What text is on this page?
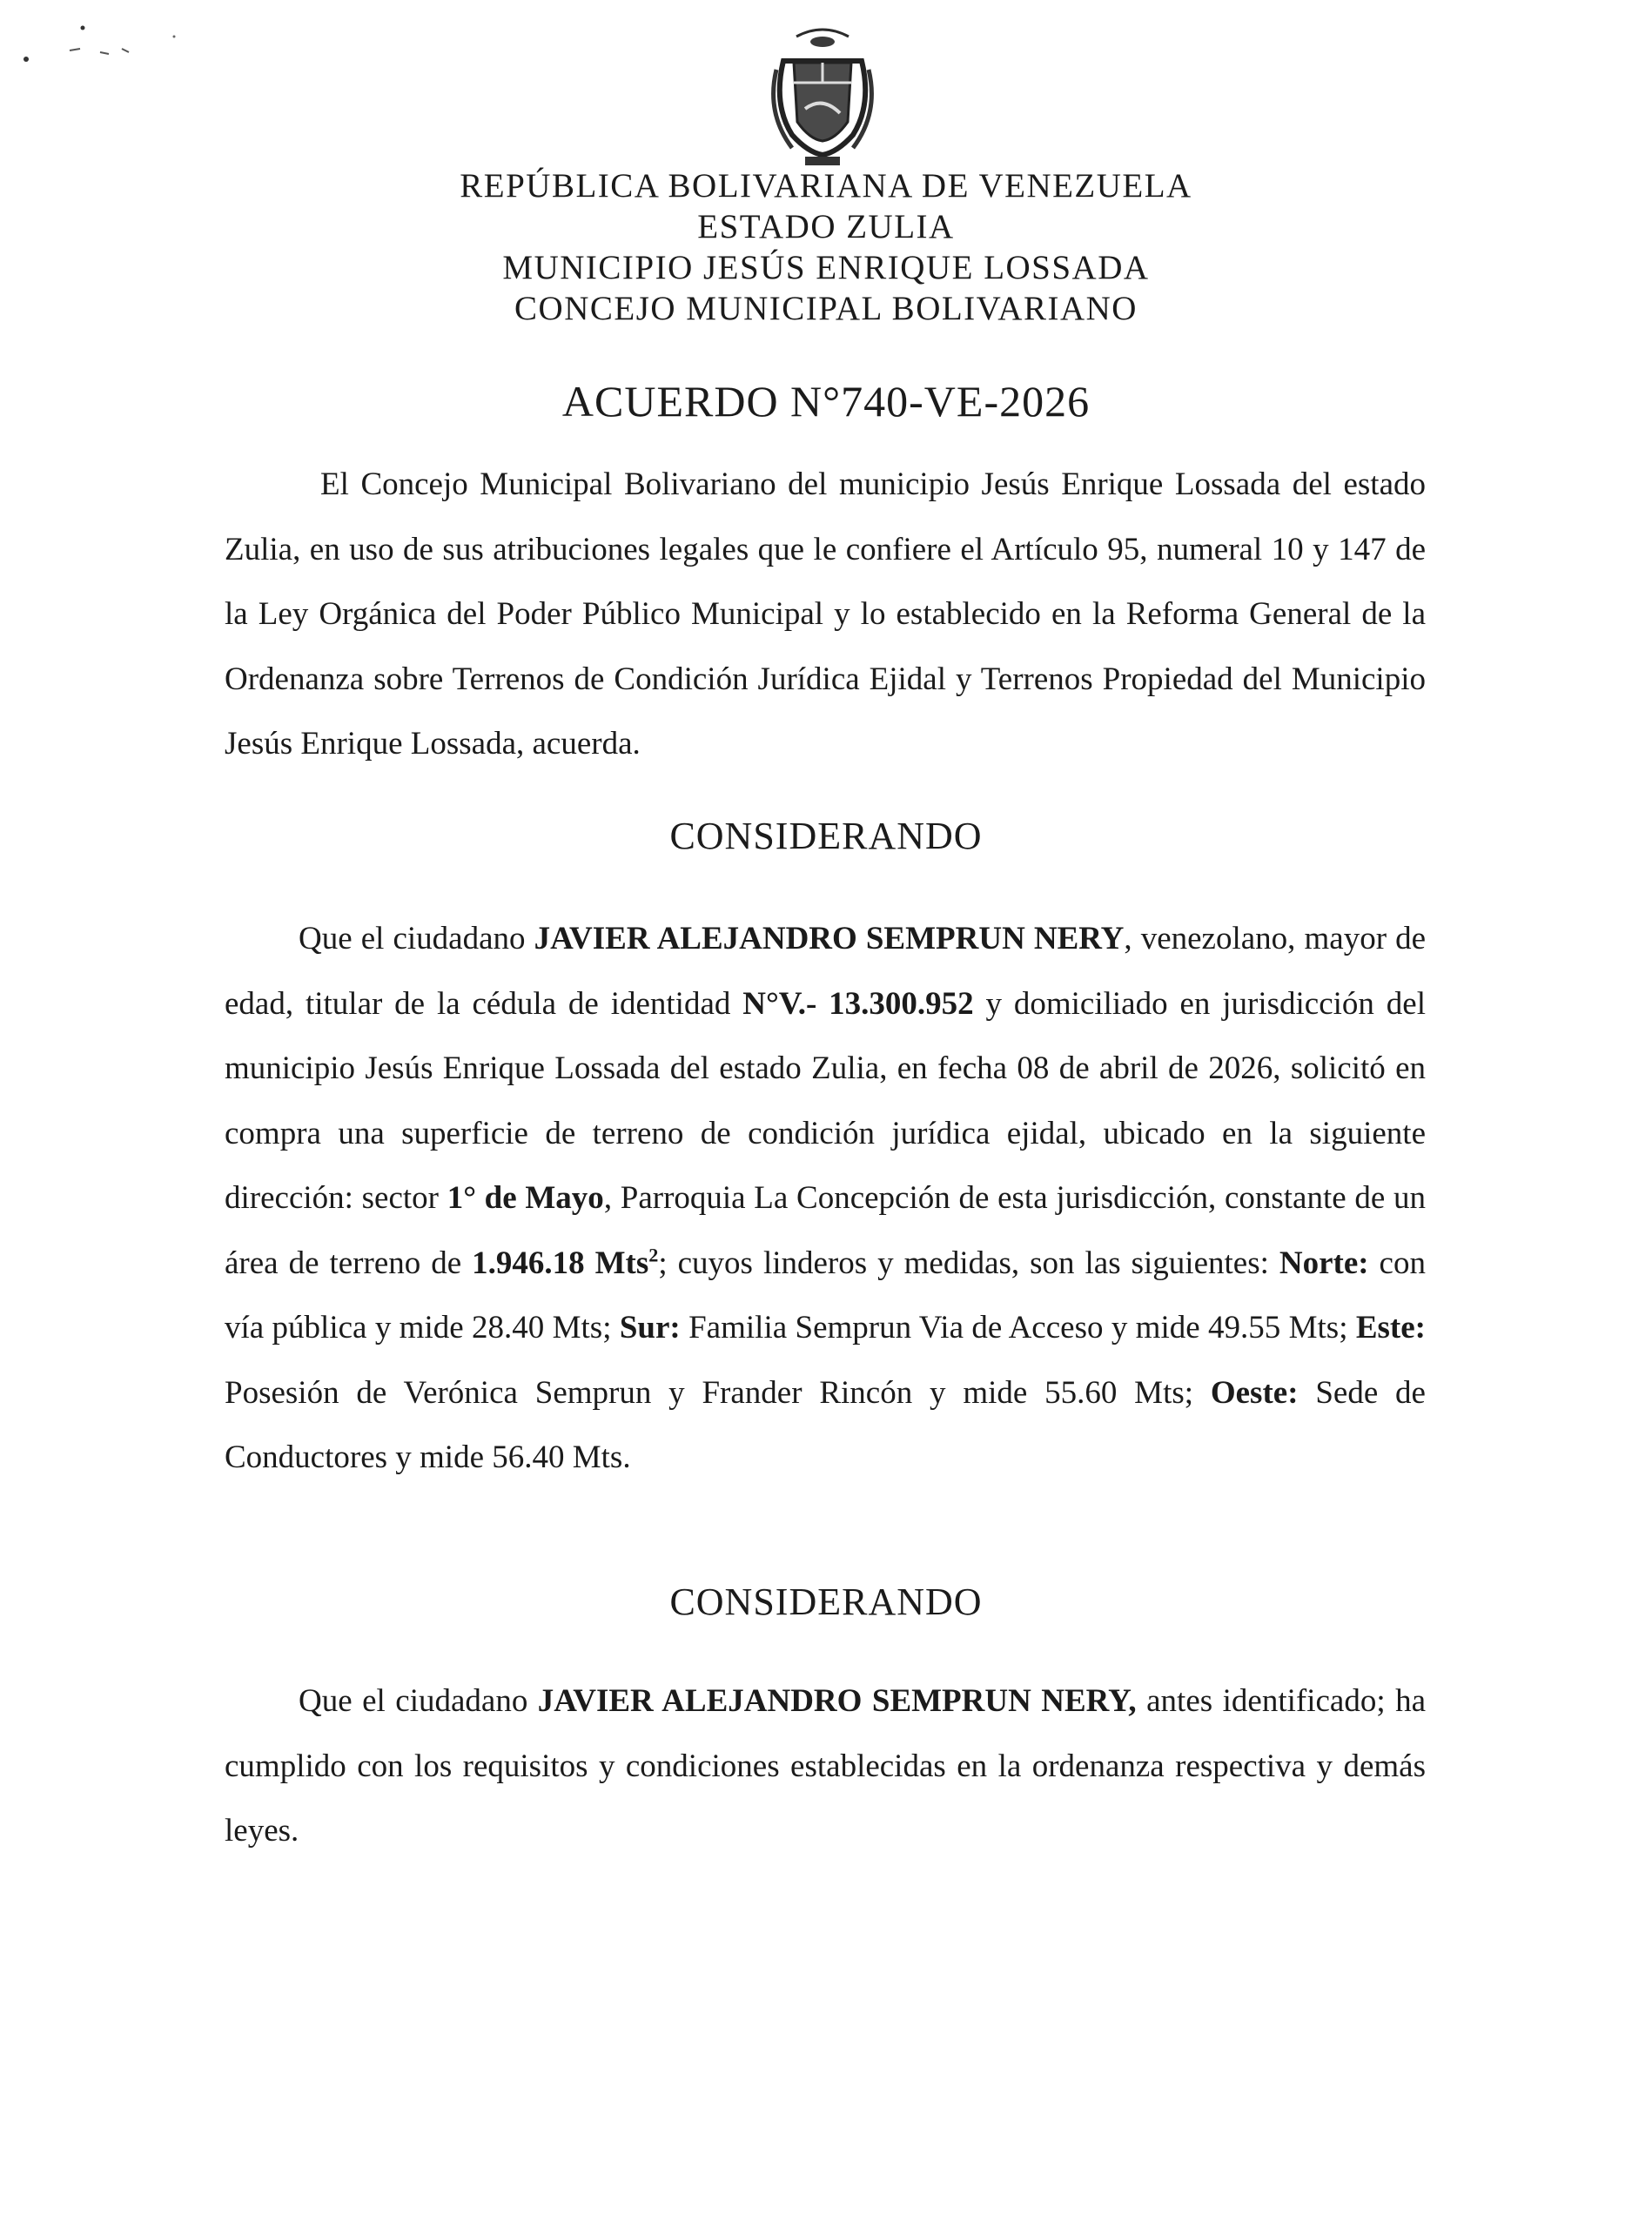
REPÚBLICA BOLIVARIANA DE VENEZUELA
ESTADO ZULIA
MUNICIPIO JESÚS ENRIQUE LOSSADA
CONCEJO MUNICIPAL BOLIVARIANO
ACUERDO N°740-VE-2026
El Concejo Municipal Bolivariano del municipio Jesús Enrique Lossada del estado Zulia, en uso de sus atribuciones legales que le confiere el Artículo 95, numeral 10 y 147 de la Ley Orgánica del Poder Público Municipal y lo establecido en la Reforma General de la Ordenanza sobre Terrenos de Condición Jurídica Ejidal y Terrenos Propiedad del Municipio Jesús Enrique Lossada, acuerda.
CONSIDERANDO
Que el ciudadano JAVIER ALEJANDRO SEMPRUN NERY, venezolano, mayor de edad, titular de la cédula de identidad N°V.- 13.300.952 y domiciliado en jurisdicción del municipio Jesús Enrique Lossada del estado Zulia, en fecha 08 de abril de 2026, solicitó en compra una superficie de terreno de condición jurídica ejidal, ubicado en la siguiente dirección: sector 1° de Mayo, Parroquia La Concepción de esta jurisdicción, constante de un área de terreno de 1.946.18 Mts$^2$; cuyos linderos y medidas, son las siguientes: Norte: con vía pública y mide 28.40 Mts; Sur: Familia Semprun Via de Acceso y mide 49.55 Mts; Este: Posesión de Verónica Semprun y Frander Rincón y mide 55.60 Mts; Oeste: Sede de Conductores y mide 56.40 Mts.
CONSIDERANDO
Que el ciudadano JAVIER ALEJANDRO SEMPRUN NERY, antes identificado; ha cumplido con los requisitos y condiciones establecidas en la ordenanza respectiva y demás leyes.
